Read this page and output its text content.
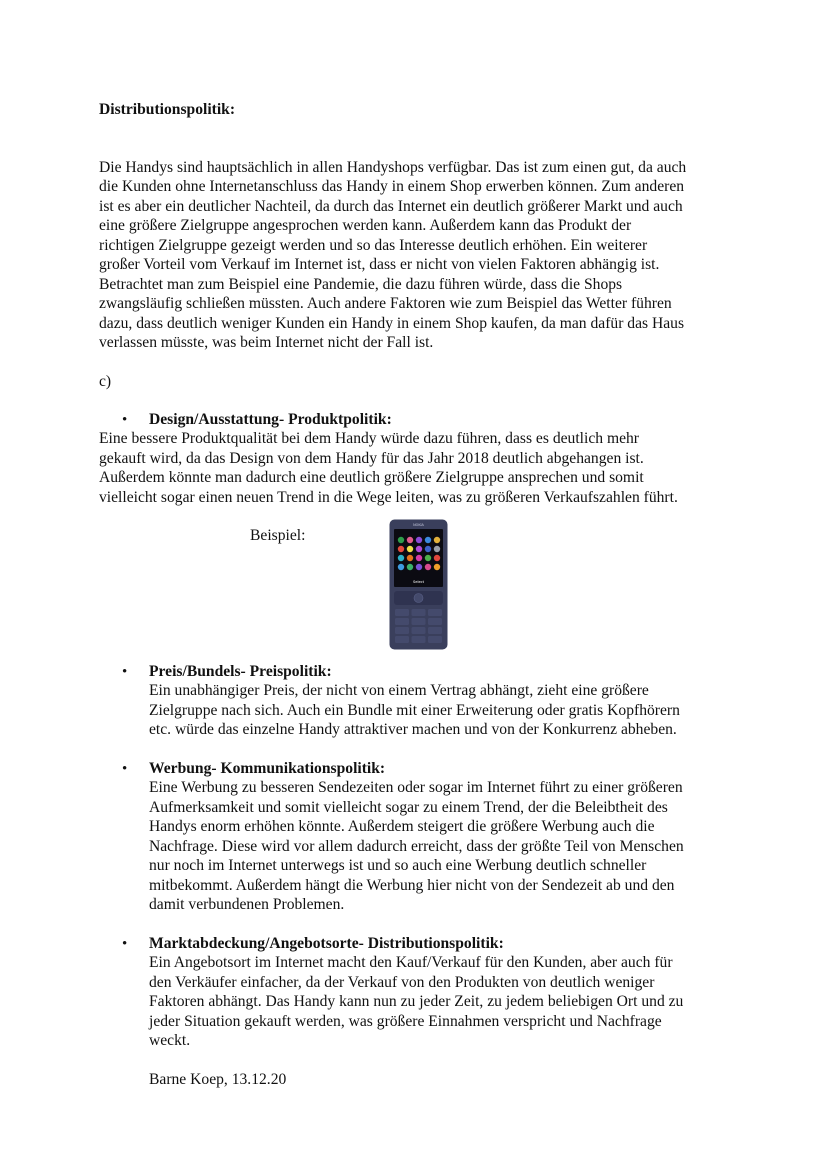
Distributionspolitik:
Die Handys sind hauptsächlich in allen Handyshops verfügbar. Das ist zum einen gut, da auch
die Kunden ohne Internetanschluss das Handy in einem Shop erwerben können. Zum anderen
ist es aber ein deutlicher Nachteil, da durch das Internet ein deutlich größerer Markt und auch
eine größere Zielgruppe angesprochen werden kann. Außerdem kann das Produkt der
richtigen Zielgruppe gezeigt werden und so das Interesse deutlich erhöhen. Ein weiterer
großer Vorteil vom Verkauf im Internet ist, dass er nicht von vielen Faktoren abhängig ist.
Betrachtet man zum Beispiel eine Pandemie, die dazu führen würde, dass die Shops
zwangsläufig schließen müssten. Auch andere Faktoren wie zum Beispiel das Wetter führen
dazu, dass deutlich weniger Kunden ein Handy in einem Shop kaufen, da man dafür das Haus
verlassen müsste, was beim Internet nicht der Fall ist.
c)
• Design/Ausstattung- Produktpolitik:
Eine bessere Produktqualität bei dem Handy würde dazu führen, dass es deutlich mehr
gekauft wird, da das Design von dem Handy für das Jahr 2018 deutlich abgehangen ist.
Außerdem könnte man dadurch eine deutlich größere Zielgruppe ansprechen und somit
vielleicht sogar einen neuen Trend in die Wege leiten, was zu größeren Verkaufszahlen führt.
Beispiel:
NOKIA
Select
• Preis/Bundels- Preispolitik:
Ein unabhängiger Preis, der nicht von einem Vertrag abhängt, zieht eine größere
Zielgruppe nach sich. Auch ein Bundle mit einer Erweiterung oder gratis Kopfhörern
etc. würde das einzelne Handy attraktiver machen und von der Konkurrenz abheben.
• Werbung- Kommunikationspolitik:
Eine Werbung zu besseren Sendezeiten oder sogar im Internet führt zu einer größeren
Aufmerksamkeit und somit vielleicht sogar zu einem Trend, der die Beleibtheit des
Handys enorm erhöhen könnte. Außerdem steigert die größere Werbung auch die
Nachfrage. Diese wird vor allem dadurch erreicht, dass der größte Teil von Menschen
nur noch im Internet unterwegs ist und so auch eine Werbung deutlich schneller
mitbekommt. Außerdem hängt die Werbung hier nicht von der Sendezeit ab und den
damit verbundenen Problemen.
• Marktabdeckung/Angebotsorte- Distributionspolitik:
Ein Angebotsort im Internet macht den Kauf/Verkauf für den Kunden, aber auch für
den Verkäufer einfacher, da der Verkauf von den Produkten von deutlich weniger
Faktoren abhängt. Das Handy kann nun zu jeder Zeit, zu jedem beliebigen Ort und zu
jeder Situation gekauft werden, was größere Einnahmen verspricht und Nachfrage
weckt.
Barne Koep, 13.12.20
